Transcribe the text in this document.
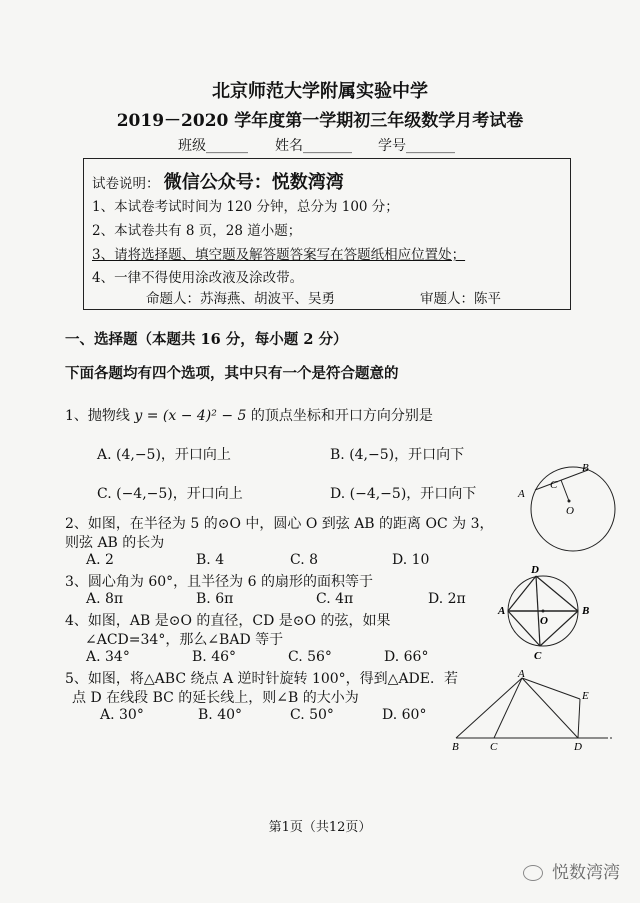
北京师范大学附属实验中学
2019－2020 学年度第一学期初三年级数学月考试卷
班级______ 姓名_______ 学号_______
试卷说明： 微信公众号：悦数湾湾
1、本试卷考试时间为 120 分钟，总分为 100 分；
2、本试卷共有 8 页，28 道小题；
3、请将选择题、填空题及解答题答案写在答题纸相应位置处；
4、一律不得使用涂改液及涂改带。
命题人：苏海燕、胡波平、吴勇	审题人：陈平
一、选择题（本题共 16 分，每小题 2 分）
下面各题均有四个选项，其中只有一个是符合题意的
1、抛物线 y = (x − 4)² − 5 的顶点坐标和开口方向分别是
A. (4,−5)，开口向上	B. (4,−5)，开口向下
C. (−4,−5)，开口向上	D. (−4,−5)，开口向下
2、如图，在半径为 5 的⊙O 中，圆心 O 到弦 AB 的距离 OC 为 3，
则弦 AB 的长为
A. 2	B. 4	C. 8	D. 10
3、圆心角为 60°，且半径为 6 的扇形的面积等于
A. 8π	B. 6π	C. 4π	D. 2π
4、如图，AB 是⊙O 的直径，CD 是⊙O 的弦，如果
∠ACD=34°，那么∠BAD 等于
A. 34°	B. 46°	C. 56°	D. 66°
5、如图，将△ABC 绕点 A 逆时针旋转 100°，得到△ADE．若
点 D 在线段 BC 的延长线上，则∠B 的大小为
A. 30°	B. 40°	C. 50°	D. 60°
A
B
C
O
D
A	B
C
O
A
B	C	D
E
第1页（共12页）
悦数湾湾
